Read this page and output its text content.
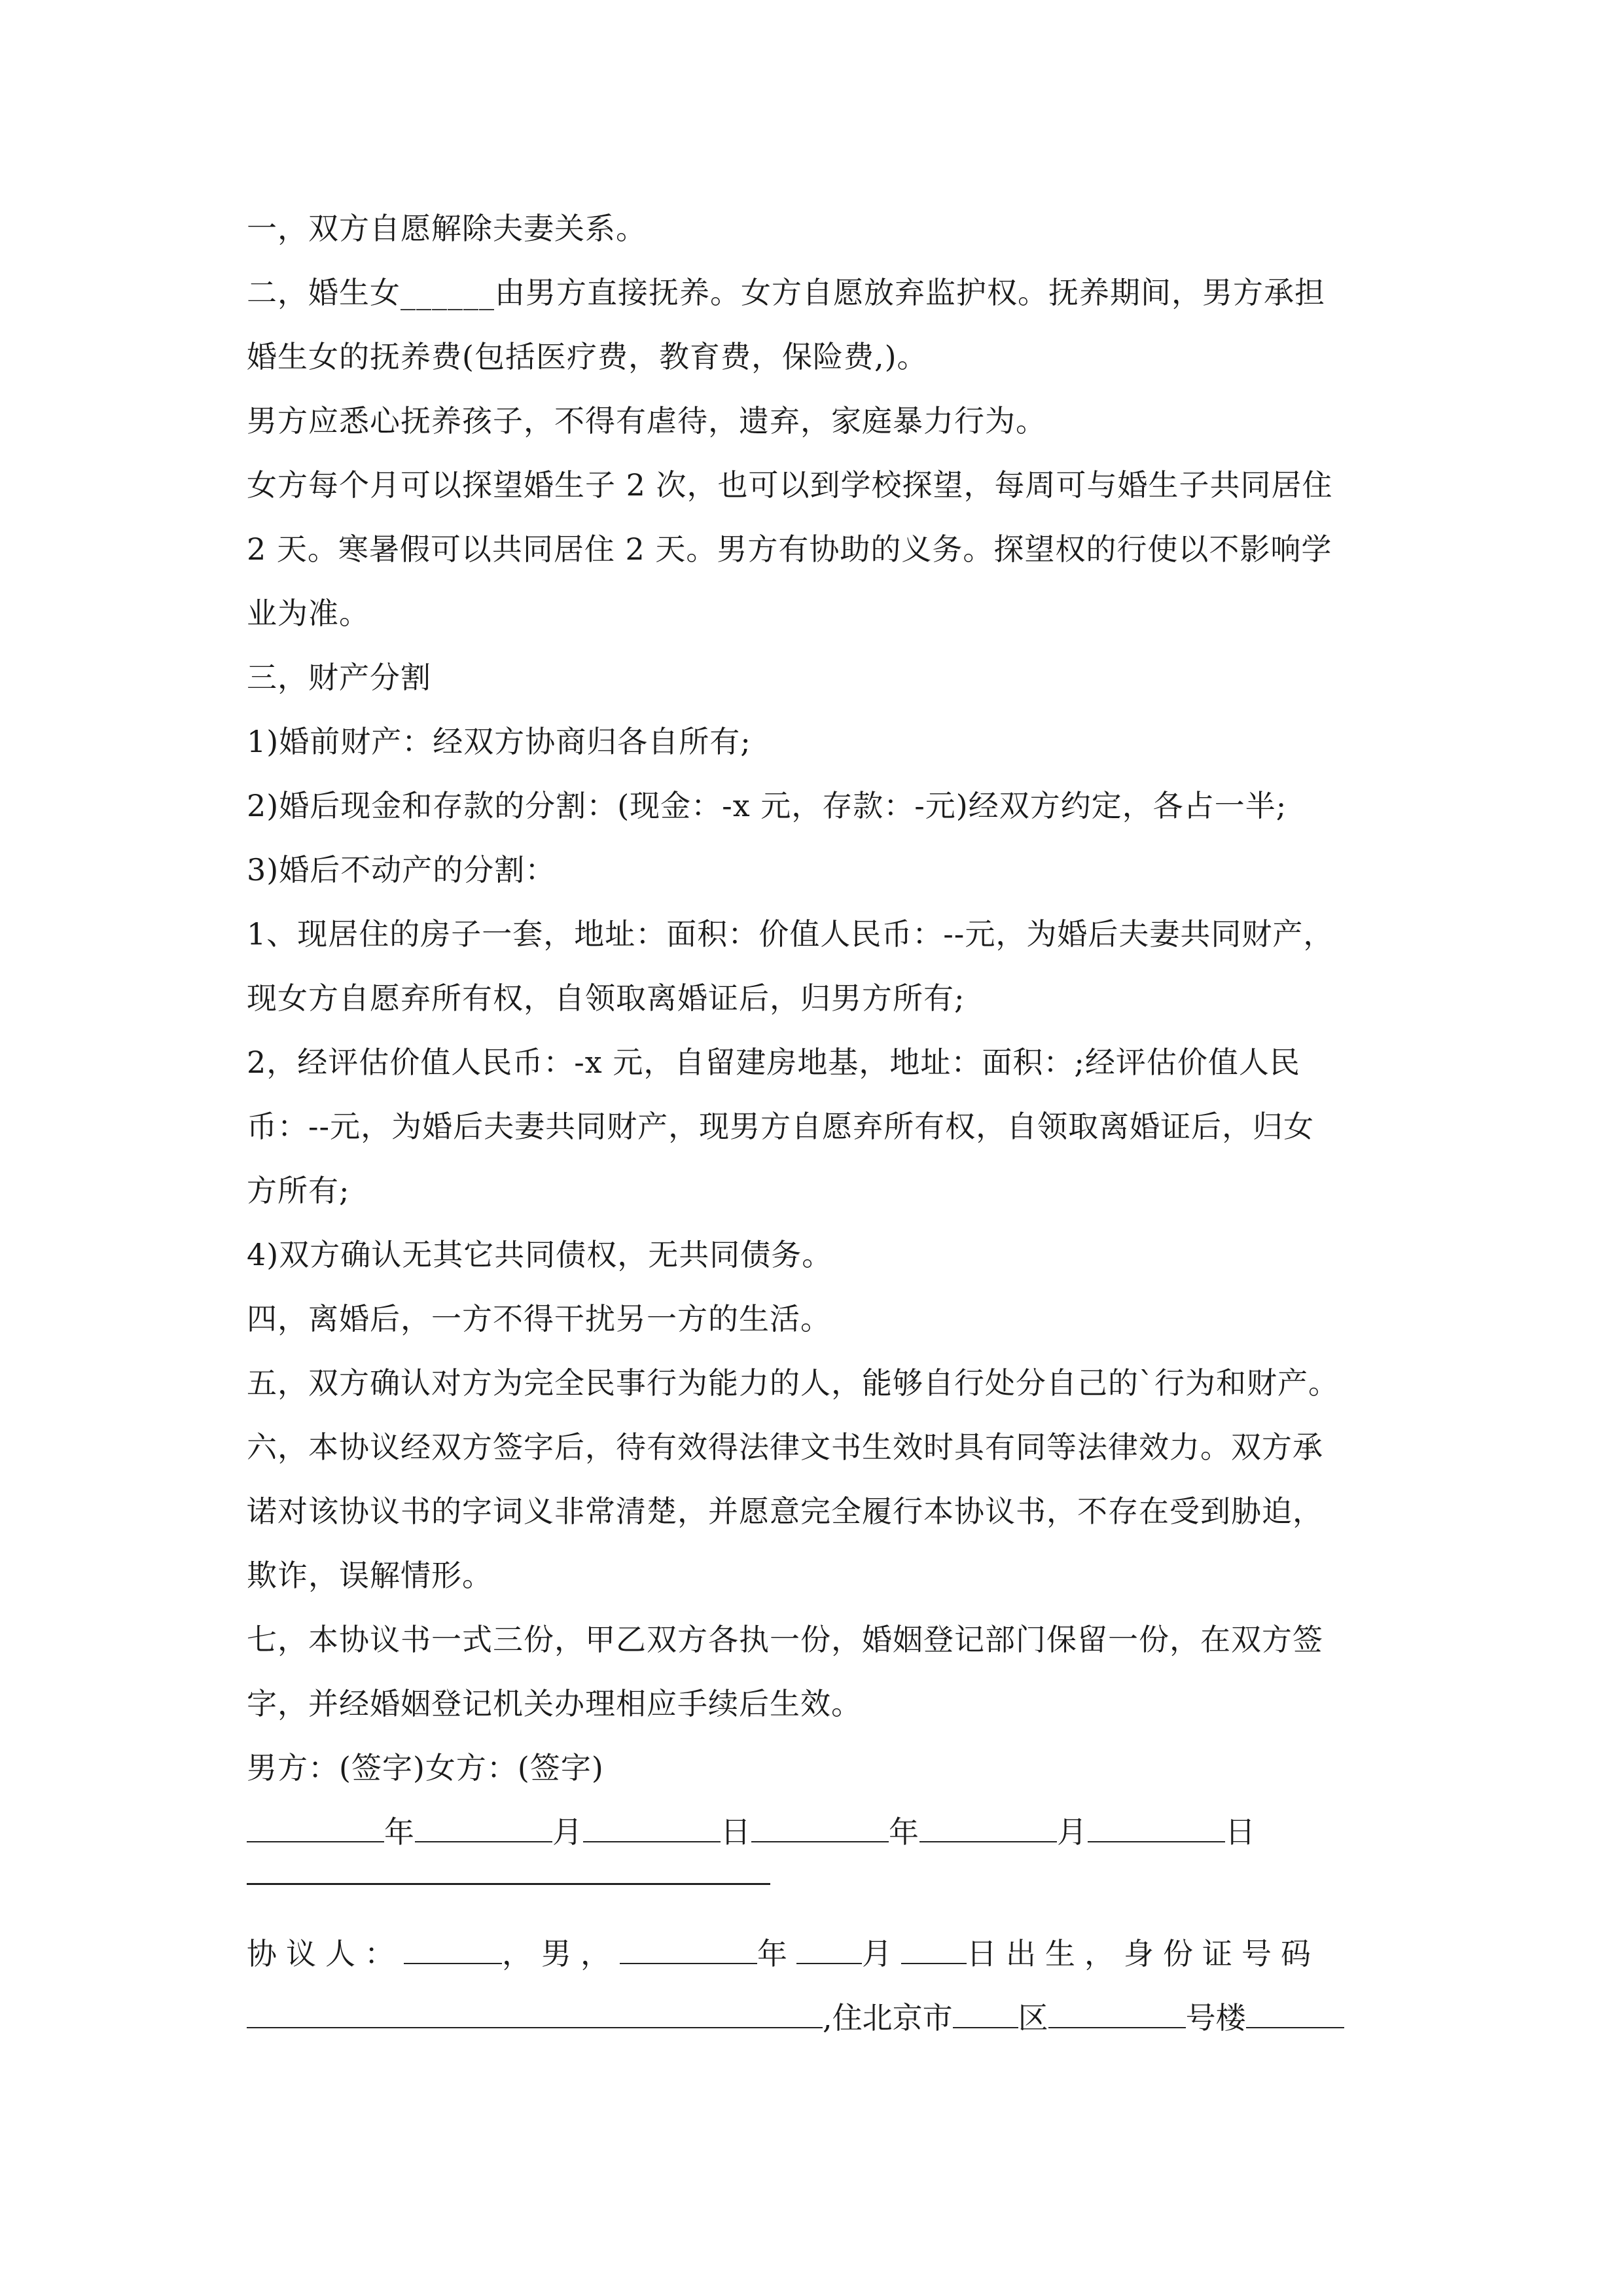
一，双方自愿解除夫妻关系。
二，婚生女______由男方直接抚养。女方自愿放弃监护权。抚养期间，男方承担
婚生女的抚养费(包括医疗费，教育费，保险费,)。
男方应悉心抚养孩子，不得有虐待，遗弃，家庭暴力行为。
女方每个月可以探望婚生子 2 次，也可以到学校探望，每周可与婚生子共同居住
2 天。寒暑假可以共同居住 2 天。男方有协助的义务。探望权的行使以不影响学
业为准。
三，财产分割
1)婚前财产：经双方协商归各自所有;
2)婚后现金和存款的分割：(现金：-x 元，存款：-元)经双方约定，各占一半;
3)婚后不动产的分割：
1、现居住的房子一套，地址：面积：价值人民币：--元，为婚后夫妻共同财产，
现女方自愿弃所有权，自领取离婚证后，归男方所有;
2，经评估价值人民币：-x 元，自留建房地基，地址：面积：;经评估价值人民
币：--元，为婚后夫妻共同财产，现男方自愿弃所有权，自领取离婚证后，归女
方所有;
4)双方确认无其它共同债权，无共同债务。
四，离婚后，一方不得干扰另一方的生活。
五，双方确认对方为完全民事行为能力的人，能够自行处分自己的`行为和财产。
六，本协议经双方签字后，待有效得法律文书生效时具有同等法律效力。双方承
诺对该协议书的字词义非常清楚，并愿意完全履行本协议书，不存在受到胁迫，
欺诈，误解情形。
七，本协议书一式三份，甲乙双方各执一份，婚姻登记部门保留一份，在双方签
字，并经婚姻登记机关办理相应手续后生效。
男方：(签字)女方：(签字)
年	月	日	年	月	日
协议人：	，男，	年 月 日出生，身份证号码
,住北京市 区	号楼
